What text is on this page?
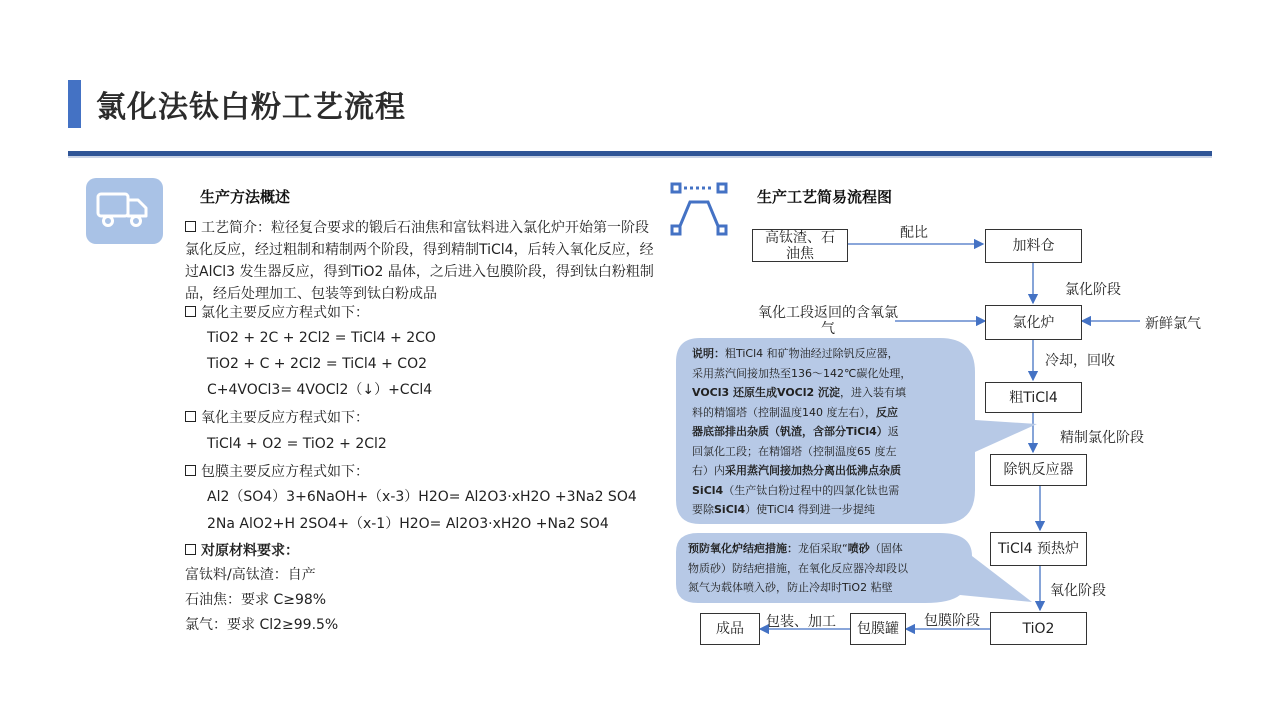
氯化法钛白粉工艺流程
生产方法概述
工艺简介：粒径复合要求的锻后石油焦和富钛料进入氯化炉开始第一阶段氯化反应，经过粗制和精制两个阶段，得到精制TiCl4，后转入氧化反应，经过AlCl3 发生器反应，得到TiO2 晶体，之后进入包膜阶段，得到钛白粉粗制品，经后处理加工、包装等到钛白粉成品
氯化主要反应方程式如下：
TiO2 + 2C + 2Cl2 = TiCl4 + 2CO
TiO2 + C + 2Cl2 = TiCl4 + CO2
C+4VOCl3= 4VOCl2（↓）+CCl4
氧化主要反应方程式如下：
TiCl4 + O2 = TiO2 + 2Cl2
包膜主要反应方程式如下：
Al2（SO4）3+6NaOH+（x-3）H2O= Al2O3·xH2O +3Na2 SO4
2Na AlO2+H 2SO4+（x-1）H2O= Al2O3·xH2O +Na2 SO4
对原材料要求：
富钛料/高钛渣：自产
石油焦：要求 C≥98%
氯气：要求 Cl2≥99.5%
生产工艺简易流程图
说明：粗TiCl4 和矿物油经过除钒反应器，
采用蒸汽间接加热至136～142℃碳化处理，
VOCl3 还原生成VOCl2 沉淀，进入装有填
料的精馏塔（控制温度140 度左右），反应
器底部排出杂质（钒渣，含部分TiCl4）返
回氯化工段；在精馏塔（控制温度65 度左
右）内采用蒸汽间接加热分离出低沸点杂质
SiCl4（生产钛白粉过程中的四氯化钛也需
要除SiCl4）使TiCl4 得到进一步提纯
预防氧化炉结疤措施：龙佰采取“喷砂（固体
物质砂）防结疤措施，在氧化反应器冷却段以
氮气为载体喷入砂，防止冷却时TiO2 粘壁
高钛渣、石油焦	加料仓
氯化炉
粗TiCl4
除钒反应器
TiCl4 预热炉
TiO2
包膜罐
成品
配比
氯化阶段
氧化工段返回的含氧氯气	新鲜氯气
冷却，回收
精制氯化阶段
氧化阶段
包膜阶段
包装、加工
